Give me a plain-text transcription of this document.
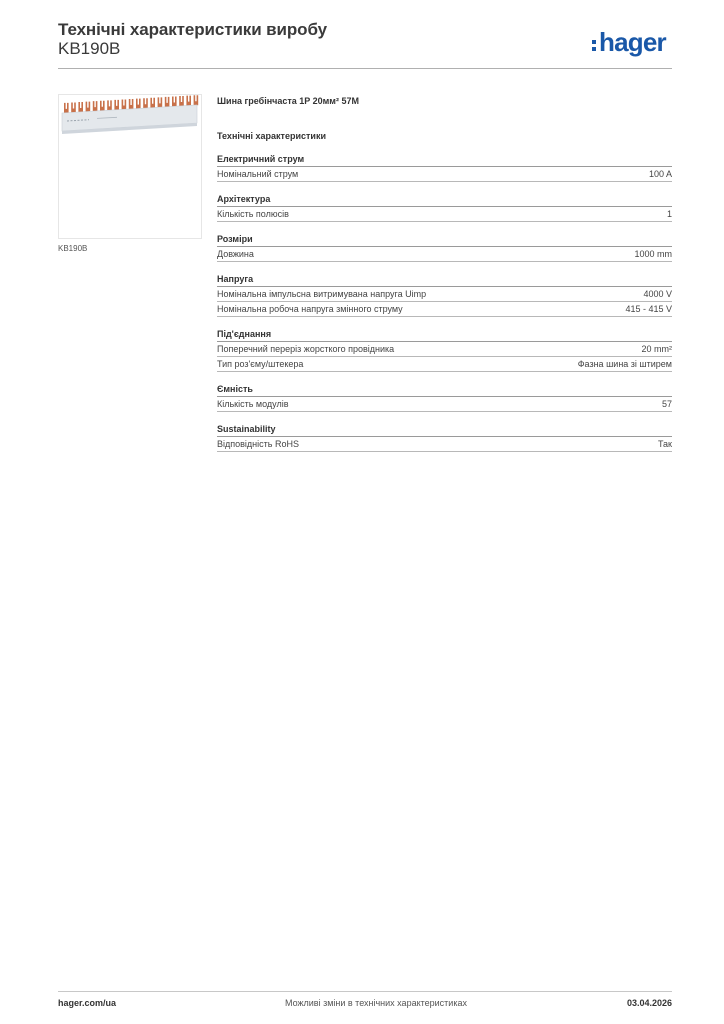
Технічні характеристики виробу
KB190B	hager
KB190B
Шина гребінчаста 1P 20мм² 57M
Технічні характеристики
Електричний струм
Номінальний струм	100 A
Архітектура
Кількість полюсів	1
Розміри
Довжина	1000 mm
Напруга
Номінальна імпульсна витримувана напруга Uimp	4000 V
Номінальна робоча напруга змінного струму	415 - 415 V
Під'єднання
Поперечний переріз жорсткого провідника	20 mm²
Тип роз'єму/штекера	Фазна шина зі штирем
Ємність
Кількість модулів	57
Sustainability
Відповідність RoHS	Так
hager.com/ua	Можливі зміни в технічних характеристиках	03.04.2026
